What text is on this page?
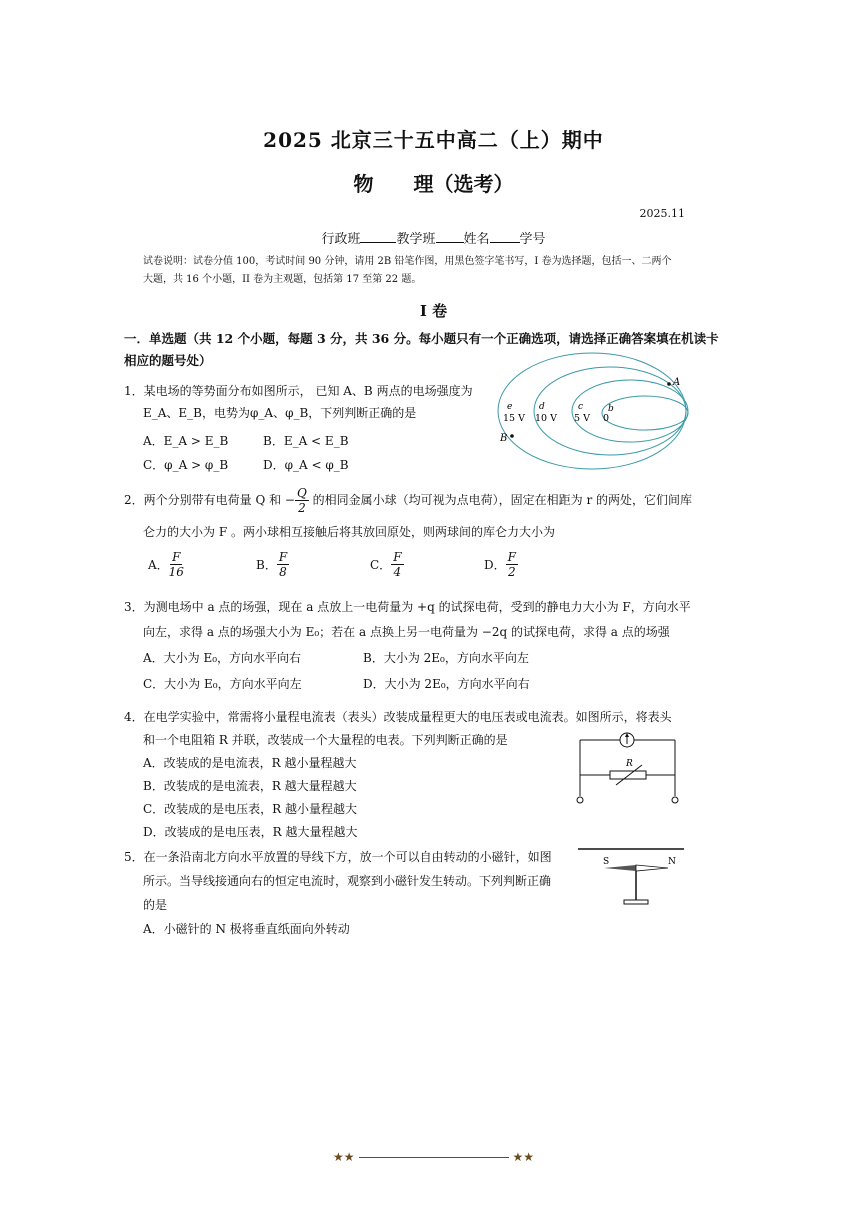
2025 北京三十五中高二（上）期中
物 理（选考）
2025.11
行政班	教学班 姓名 学号
试卷说明：试卷分值 100，考试时间 90 分钟，请用 2B 铅笔作图，用黑色签字笔书写，I 卷为选择题，包括一、二两个
大题，共 16 个小题，II 卷为主观题，包括第 17 至第 22 题。
I 卷
一．单选题（共 12 个小题，每题 3 分，共 36 分。每小题只有一个正确选项，请选择正确答案填在机读卡
相应的题号处）
1．某电场的等势面分布如图所示， 已知 A、B 两点的电场强度为
E_A、E_B，电势为φ_A、φ_B，下列判断正确的是
A．E_A > E_B	B．E_A < E_B
C．φ_A > φ_B	D．φ_A < φ_B
A
B
e	d	c	b
15 V 10 V 5 V 0
2．两个分别带有电荷量 Q 和 − $\frac{Q}{2}$ 的相同金属小球（均可视为点电荷），固定在相距为 r 的两处，它们间库
仑力的大小为 F 。两小球相互接触后将其放回原处，则两球间的库仑力大小为
A． $\frac{F}{16}$	B． $\frac{F}{8}$	C． $\frac{F}{4}$	D． $\frac{F}{2}$
3．为测电场中 a 点的场强，现在 a 点放上一电荷量为 +q 的试探电荷，受到的静电力大小为 F，方向水平
向左，求得 a 点的场强大小为 E₀；若在 a 点换上另一电荷量为 −2q 的试探电荷，求得 a 点的场强
A．大小为 E₀，方向水平向右	B．大小为 2E₀，方向水平向左
C．大小为 E₀，方向水平向左	D．大小为 2E₀，方向水平向右
4．在电学实验中，常需将小量程电流表（表头）改装成量程更大的电压表或电流表。如图所示，将表头
和一个电阻箱 R 并联，改装成一个大量程的电表。下列判断正确的是
A．改装成的是电流表，R 越小量程越大
B．改装成的是电流表，R 越大量程越大
C．改装成的是电压表，R 越小量程越大
D．改装成的是电压表，R 越大量程越大
R
5．在一条沿南北方向水平放置的导线下方，放一个可以自由转动的小磁针，如图
所示。当导线接通向右的恒定电流时，观察到小磁针发生转动。下列判断正确
的是
A．小磁针的 N 极将垂直纸面向外转动
S	N
★★	★★
